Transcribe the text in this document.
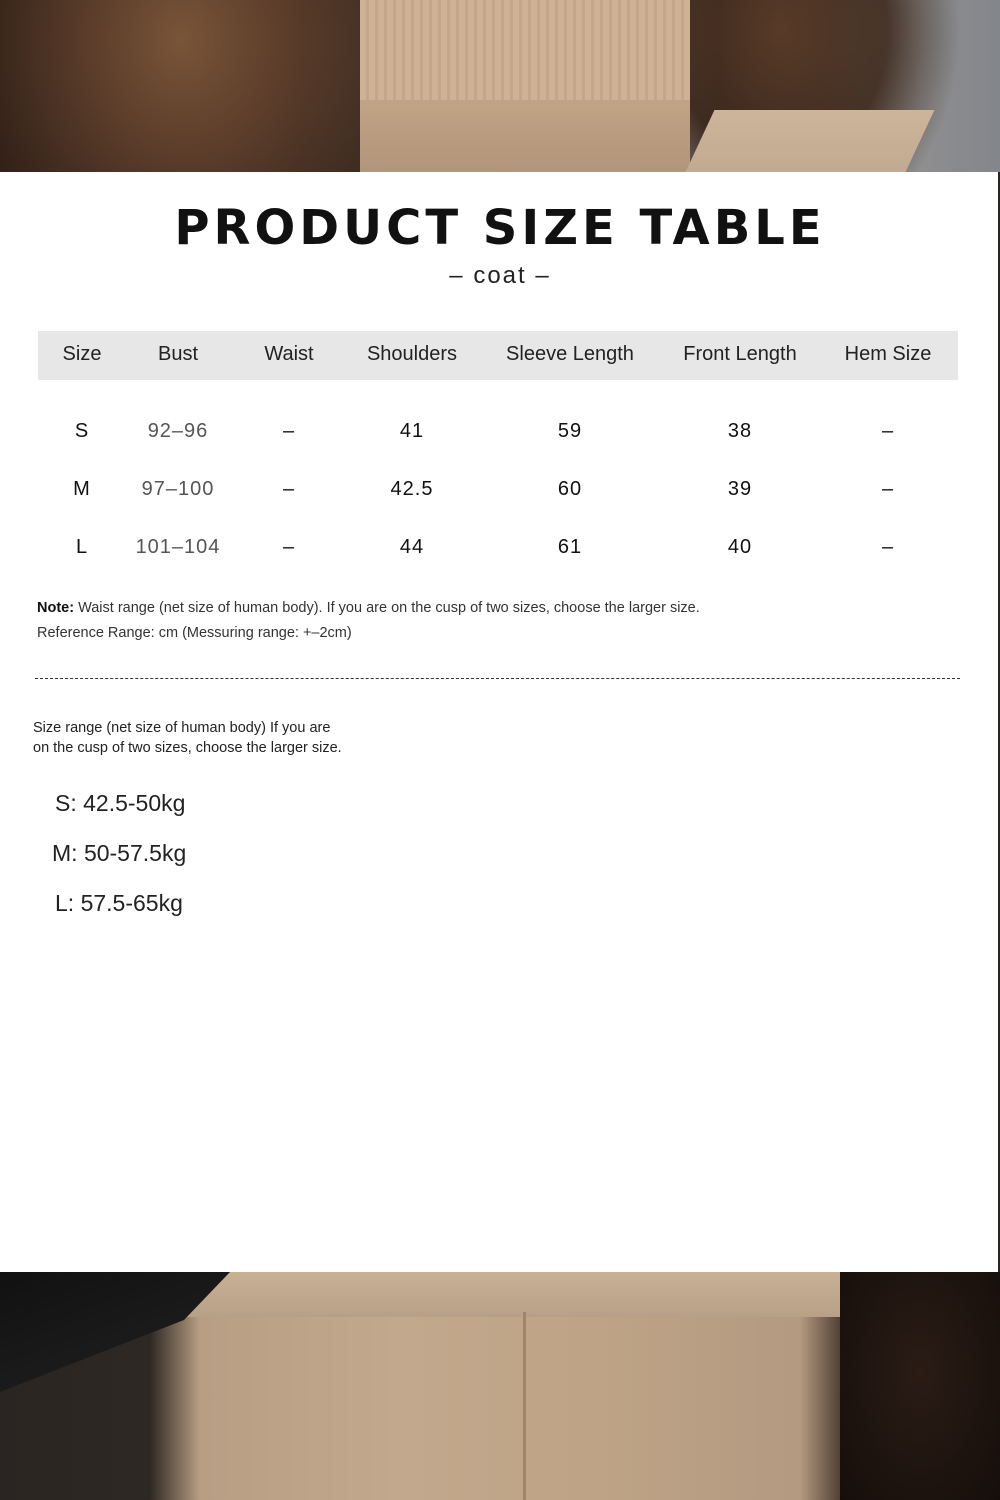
PRODUCT SIZE TABLE
– coat –
Size	Bust	Waist	Shoulders	Sleeve Length	Front Length	Hem Size
S	92–96	–	41	59	38	–
M	97–100	–	42.5	60	39	–
L	101–104	–	44	61	40	–
Note: Waist range (net size of human body). If you are on the cusp of two sizes, choose the larger size.
Reference Range: cm (Messuring range: +–2cm)
Size range (net size of human body) If you are
on the cusp of two sizes, choose the larger size.
S: 42.5-50kg
M: 50-57.5kg
L: 57.5-65kg
